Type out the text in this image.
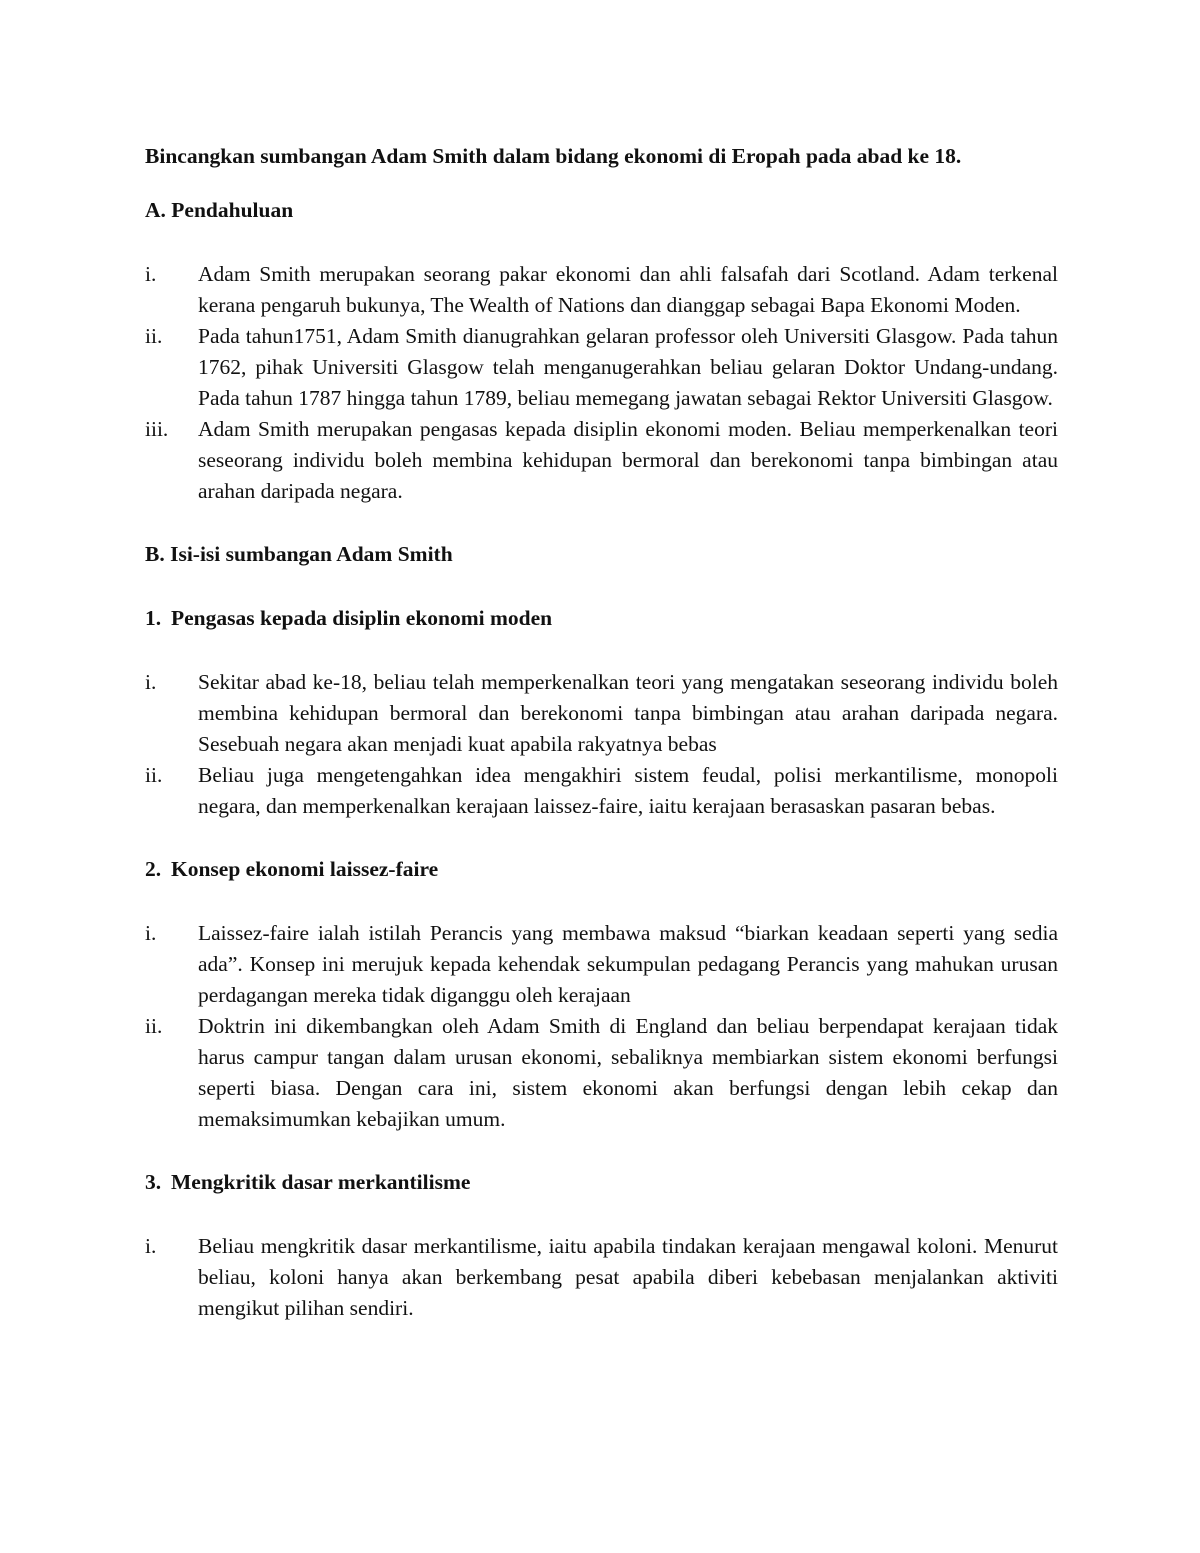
Bincangkan sumbangan Adam Smith dalam bidang ekonomi di Eropah pada abad ke 18.

A. Pendahuluan

i.	Adam Smith merupakan seorang pakar ekonomi dan ahli falsafah dari Scotland. Adam terkenal kerana pengaruh bukunya, The Wealth of Nations dan dianggap sebagai Bapa Ekonomi Moden.
ii.	Pada tahun1751, Adam Smith dianugrahkan gelaran professor oleh Universiti Glasgow. Pada tahun 1762, pihak Universiti Glasgow telah menganugerahkan beliau gelaran Doktor Undang-undang. Pada tahun 1787 hingga tahun 1789, beliau memegang jawatan sebagai Rektor Universiti Glasgow.
iii.	Adam Smith merupakan pengasas kepada disiplin ekonomi moden. Beliau memperkenalkan teori seseorang individu boleh membina kehidupan bermoral dan berekonomi tanpa bimbingan atau arahan daripada negara.

B. Isi-isi sumbangan Adam Smith

1. Pengasas kepada disiplin ekonomi moden

i.	Sekitar abad ke-18, beliau telah memperkenalkan teori yang mengatakan seseorang individu boleh membina kehidupan bermoral dan berekonomi tanpa bimbingan atau arahan daripada negara. Sesebuah negara akan menjadi kuat apabila rakyatnya bebas
ii.	Beliau juga mengetengahkan idea mengakhiri sistem feudal, polisi merkantilisme, monopoli negara, dan memperkenalkan kerajaan laissez-faire, iaitu kerajaan berasaskan pasaran bebas.

2. Konsep ekonomi laissez-faire

i.	Laissez-faire ialah istilah Perancis yang membawa maksud “biarkan keadaan seperti yang sedia ada”. Konsep ini merujuk kepada kehendak sekumpulan pedagang Perancis yang mahukan urusan perdagangan mereka tidak diganggu oleh kerajaan
ii.	Doktrin ini dikembangkan oleh Adam Smith di England dan beliau berpendapat kerajaan tidak harus campur tangan dalam urusan ekonomi, sebaliknya membiarkan sistem ekonomi berfungsi seperti biasa. Dengan cara ini, sistem ekonomi akan berfungsi dengan lebih cekap dan memaksimumkan kebajikan umum.

3. Mengkritik dasar merkantilisme

i.	Beliau mengkritik dasar merkantilisme, iaitu apabila tindakan kerajaan mengawal koloni. Menurut beliau, koloni hanya akan berkembang pesat apabila diberi kebebasan menjalankan aktiviti mengikut pilihan sendiri.
